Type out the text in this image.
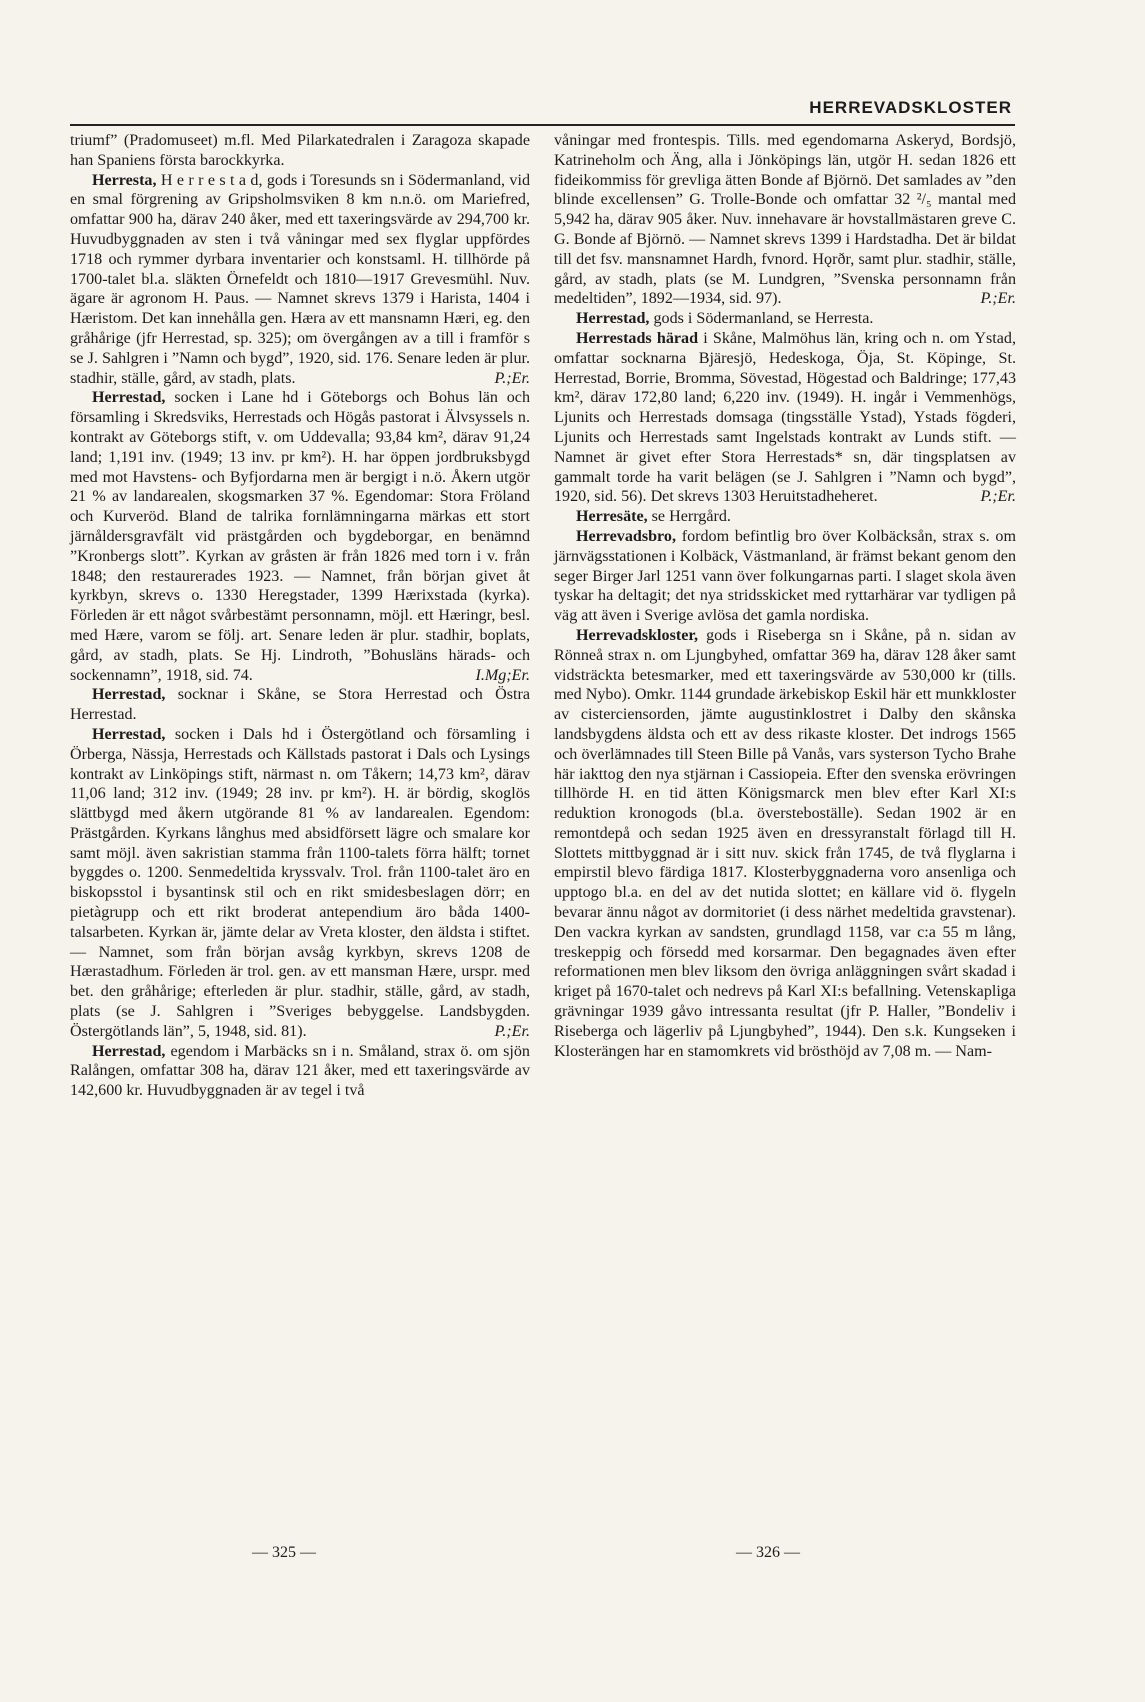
HERREVADSKLOSTER

triumf” (Pradomuseet) m.fl. Med Pilarkatedralen i Zaragoza skapade han Spaniens första barockkyrka.

Herresta, H e r r e s t a d, gods i Toresunds sn i Södermanland, vid en smal förgrening av Gripsholmsviken 8 km n.n.ö. om Mariefred, omfattar 900 ha, därav 240 åker, med ett taxeringsvärde av 294,700 kr. Huvudbyggnaden av sten i två våningar med sex flyglar uppfördes 1718 och rymmer dyrbara inventarier och konstsaml. H. tillhörde på 1700-talet bl.a. släkten Örnefeldt och 1810—1917 Grevesmühl. Nuv. ägare är agronom H. Paus. — Namnet skrevs 1379 i Harista, 1404 i Hæristom. Det kan innehålla gen. Hæra av ett mansnamn Hæri, eg. den gråhårige (jfr Herrestad, sp. 325); om övergången av a till i framför s se J. Sahlgren i ”Namn och bygd”, 1920, sid. 176. Senare leden är plur. stadhir, ställe, gård, av stadh, plats.	P.;Er.

Herrestad, socken i Lane hd i Göteborgs och Bohus län och församling i Skredsviks, Herrestads och Högås pastorat i Älvsyssels n. kontrakt av Göteborgs stift, v. om Uddevalla; 93,84 km², därav 91,24 land; 1,191 inv. (1949; 13 inv. pr km²). H. har öppen jordbruksbygd med mot Havstens- och Byfjordarna men är bergigt i n.ö. Åkern utgör 21 % av landarealen, skogsmarken 37 %. Egendomar: Stora Fröland och Kurveröd. Bland de talrika fornlämningarna märkas ett stort järnåldersgravfält vid prästgården och bygdeborgar, en benämnd ”Kronbergs slott”. Kyrkan av gråsten är från 1826 med torn i v. från 1848; den restaurerades 1923. — Namnet, från början givet åt kyrkbyn, skrevs o. 1330 Heregstader, 1399 Hærixstada (kyrka). Förleden är ett något svårbestämt personnamn, möjl. ett Hæringr, besl. med Hære, varom se följ. art. Senare leden är plur. stadhir, boplats, gård, av stadh, plats. Se Hj. Lindroth, ”Bohusläns härads- och sockennamn”, 1918, sid. 74.	I.Mg;Er.

Herrestad, socknar i Skåne, se Stora Herrestad och Östra Herrestad.

Herrestad, socken i Dals hd i Östergötland och församling i Örberga, Nässja, Herrestads och Källstads pastorat i Dals och Lysings kontrakt av Linköpings stift, närmast n. om Tåkern; 14,73 km², därav 11,06 land; 312 inv. (1949; 28 inv. pr km²). H. är bördig, skoglös slättbygd med åkern utgörande 81 % av landarealen. Egendom: Prästgården. Kyrkans långhus med absidförsett lägre och smalare kor samt möjl. även sakristian stamma från 1100-talets förra hälft; tornet byggdes o. 1200. Senmedeltida kryssvalv. Trol. från 1100-talet äro en biskopsstol i bysantinsk stil och en rikt smidesbeslagen dörr; en pietàgrupp och ett rikt broderat antependium äro båda 1400-talsarbeten. Kyrkan är, jämte delar av Vreta kloster, den äldsta i stiftet. — Namnet, som från början avsåg kyrkbyn, skrevs 1208 de Hærastadhum. Förleden är trol. gen. av ett mansman Hære, urspr. med bet. den gråhårige; efterleden är plur. stadhir, ställe, gård, av stadh, plats (se J. Sahlgren i ”Sveriges bebyggelse. Landsbygden. Östergötlands län”, 5, 1948, sid. 81).	P.;Er.

Herrestad, egendom i Marbäcks sn i n. Småland, strax ö. om sjön Ralången, omfattar 308 ha, därav 121 åker, med ett taxeringsvärde av 142,600 kr. Huvudbyggnaden är av tegel i två

våningar med frontespis. Tills. med egendomarna Askeryd, Bordsjö, Katrineholm och Äng, alla i Jönköpings län, utgör H. sedan 1826 ett fideikommiss för grevliga ätten Bonde af Björnö. Det samlades av ”den blinde excellensen” G. Trolle-Bonde och omfattar 32 ²/₅ mantal med 5,942 ha, därav 905 åker. Nuv. innehavare är hovstallmästaren greve C. G. Bonde af Björnö. — Namnet skrevs 1399 i Hardstadha. Det är bildat till det fsv. mansnamnet Hardh, fvnord. Hǫrðr, samt plur. stadhir, ställe, gård, av stadh, plats (se M. Lundgren, ”Svenska personnamn från medeltiden”, 1892—1934, sid. 97).	P.;Er.

Herrestad, gods i Södermanland, se Herresta.

Herrestads härad i Skåne, Malmöhus län, kring och n. om Ystad, omfattar socknarna Bjäresjö, Hedeskoga, Öja, St. Köpinge, St. Herrestad, Borrie, Bromma, Sövestad, Högestad och Baldringe; 177,43 km², därav 172,80 land; 6,220 inv. (1949). H. ingår i Vemmenhögs, Ljunits och Herrestads domsaga (tingsställe Ystad), Ystads fögderi, Ljunits och Herrestads samt Ingelstads kontrakt av Lunds stift. — Namnet är givet efter Stora Herrestads* sn, där tingsplatsen av gammalt torde ha varit belägen (se J. Sahlgren i ”Namn och bygd”, 1920, sid. 56). Det skrevs 1303 Heruitstadheheret.	P.;Er.

Herresäte, se Herrgård.

Herrevadsbro, fordom befintlig bro över Kolbäcksån, strax s. om järnvägsstationen i Kolbäck, Västmanland, är främst bekant genom den seger Birger Jarl 1251 vann över folkungarnas parti. I slaget skola även tyskar ha deltagit; det nya stridsskicket med ryttarhärar var tydligen på väg att även i Sverige avlösa det gamla nordiska.

Herrevadskloster, gods i Riseberga sn i Skåne, på n. sidan av Rönneå strax n. om Ljungbyhed, omfattar 369 ha, därav 128 åker samt vidsträckta betesmarker, med ett taxeringsvärde av 530,000 kr (tills. med Nybo). Omkr. 1144 grundade ärkebiskop Eskil här ett munkkloster av cisterciensorden, jämte augustinklostret i Dalby den skånska landsbygdens äldsta och ett av dess rikaste kloster. Det indrogs 1565 och överlämnades till Steen Bille på Vanås, vars systerson Tycho Brahe här iakttog den nya stjärnan i Cassiopeia. Efter den svenska erövringen tillhörde H. en tid ätten Königsmarck men blev efter Karl XI:s reduktion kronogods (bl.a. översteboställe). Sedan 1902 är en remontdepå och sedan 1925 även en dressyranstalt förlagd till H. Slottets mittbyggnad är i sitt nuv. skick från 1745, de två flyglarna i empirstil blevo färdiga 1817. Klosterbyggnaderna voro ansenliga och upptogo bl.a. en del av det nutida slottet; en källare vid ö. flygeln bevarar ännu något av dormitoriet (i dess närhet medeltida gravstenar). Den vackra kyrkan av sandsten, grundlagd 1158, var c:a 55 m lång, treskeppig och försedd med korsarmar. Den begagnades även efter reformationen men blev liksom den övriga anläggningen svårt skadad i kriget på 1670-talet och nedrevs på Karl XI:s befallning. Vetenskapliga grävningar 1939 gåvo intressanta resultat (jfr P. Haller, ”Bondeliv i Riseberga och lägerliv på Ljungbyhed”, 1944). Den s.k. Kungseken i Klosterängen har en stamomkrets vid brösthöjd av 7,08 m. — Nam-

— 325 —	— 326 —
